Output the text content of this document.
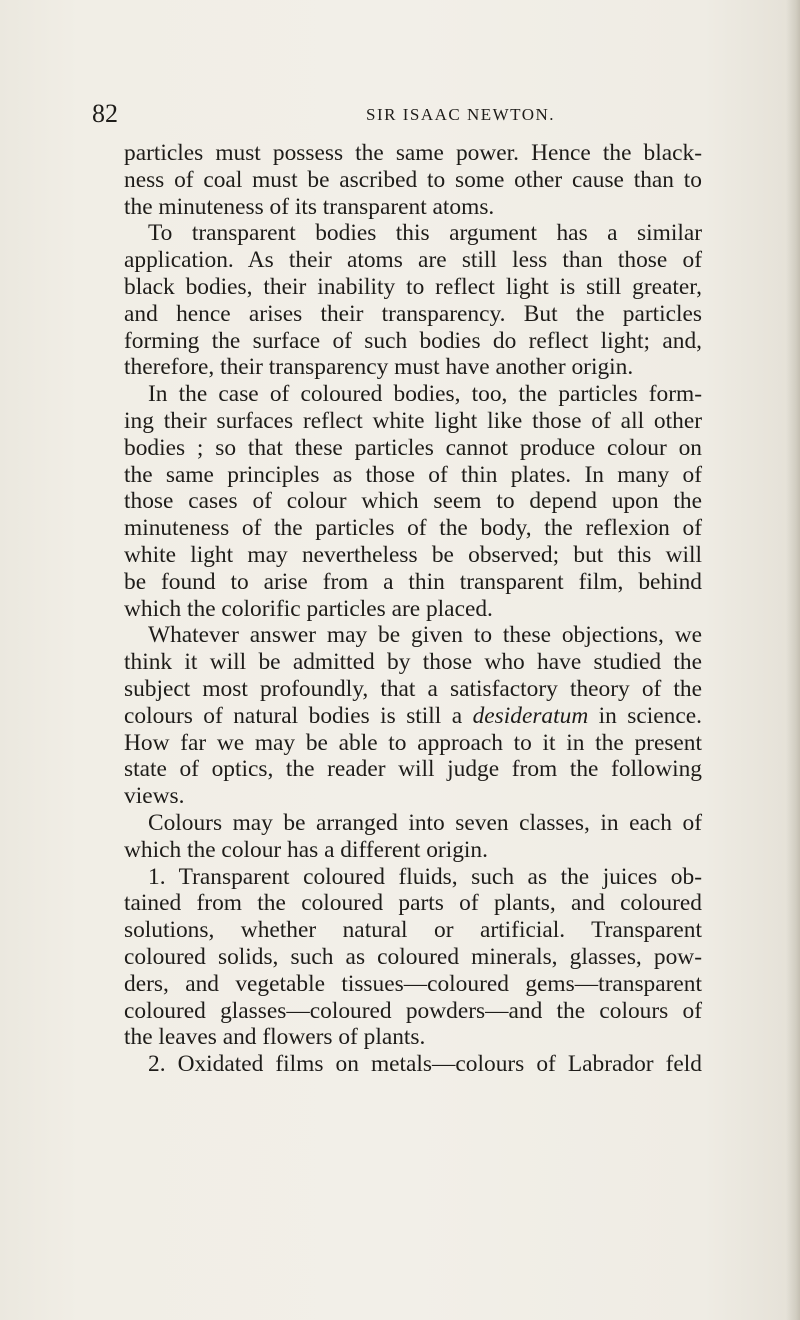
82	SIR ISAAC NEWTON.

particles must possess the same power. Hence the black-
ness of coal must be ascribed to some other cause than to
the minuteness of its transparent atoms.

To transparent bodies this argument has a similar
application. As their atoms are still less than those of
black bodies, their inability to reflect light is still greater,
and hence arises their transparency. But the particles
forming the surface of such bodies do reflect light; and,
therefore, their transparency must have another origin.

In the case of coloured bodies, too, the particles form-
ing their surfaces reflect white light like those of all other
bodies ; so that these particles cannot produce colour on
the same principles as those of thin plates. In many of
those cases of colour which seem to depend upon the
minuteness of the particles of the body, the reflexion of
white light may nevertheless be observed; but this will
be found to arise from a thin transparent film, behind
which the colorific particles are placed.

Whatever answer may be given to these objections, we
think it will be admitted by those who have studied the
subject most profoundly, that a satisfactory theory of the
colours of natural bodies is still a desideratum in science.
How far we may be able to approach to it in the present
state of optics, the reader will judge from the following
views.

Colours may be arranged into seven classes, in each of
which the colour has a different origin.

1. Transparent coloured fluids, such as the juices ob-
tained from the coloured parts of plants, and coloured
solutions, whether natural or artificial. Transparent
coloured solids, such as coloured minerals, glasses, pow-
ders, and vegetable tissues—coloured gems—transparent
coloured glasses—coloured powders—and the colours of
the leaves and flowers of plants.

2. Oxidated films on metals—colours of Labrador feld
